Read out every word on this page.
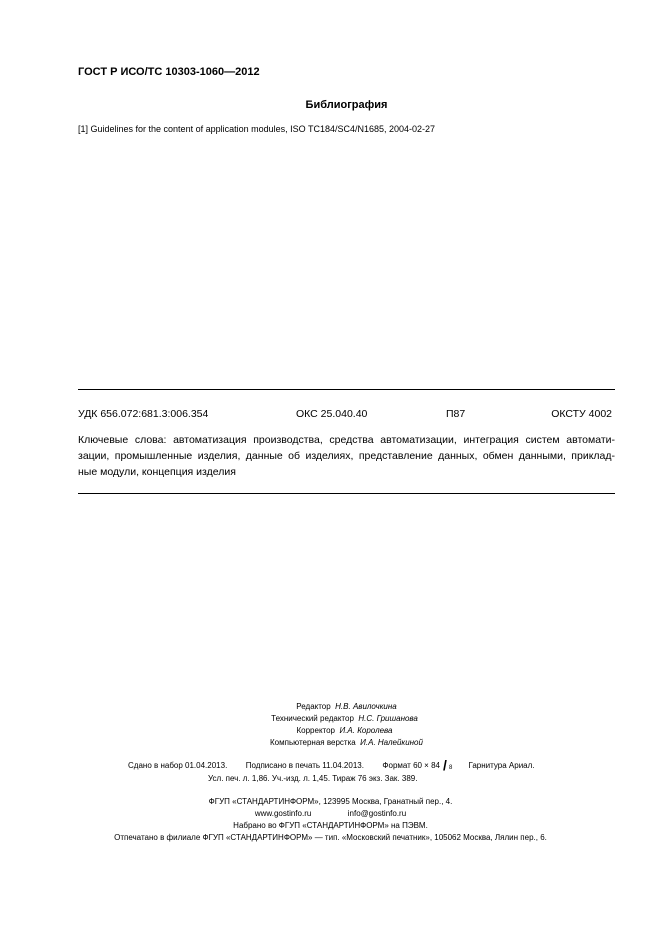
ГОСТ Р ИСО/ТС 10303-1060—2012
Библиография
[1] Guidelines for the content of application modules, ISO TC184/SC4/N1685, 2004-02-27
УДК 656.072:681.3:006.354	ОКС 25.040.40	П87	ОКСТУ 4002
Ключевые слова: автоматизация производства, средства автоматизации, интеграция систем автомати-
зации, промышленные изделия, данные об изделиях, представление данных, обмен данными, приклад-
ные модули, концепция изделия
Редактор Н.В. Авилочкина
Технический редактор Н.С. Гришанова
Корректор И.А. Королева
Компьютерная верстка И.А. Налейкиной
Сдано в набор 01.04.2013. Подписано в печать 11.04.2013. Формат 60 × 84 / 8 Гарнитура Ариал.
Усл. печ. л. 1,86. Уч.-изд. л. 1,45. Тираж 76 экз. Зак. 389.
ФГУП «СТАНДАРТИНФОРМ», 123995 Москва, Гранатный пер., 4.
www.gostinfo.ru	info@gostinfo.ru
Набрано во ФГУП «СТАНДАРТИНФОРМ» на ПЭВМ.
Отпечатано в филиале ФГУП «СТАНДАРТИНФОРМ» — тип. «Московский печатник», 105062 Москва, Лялин пер., 6.
